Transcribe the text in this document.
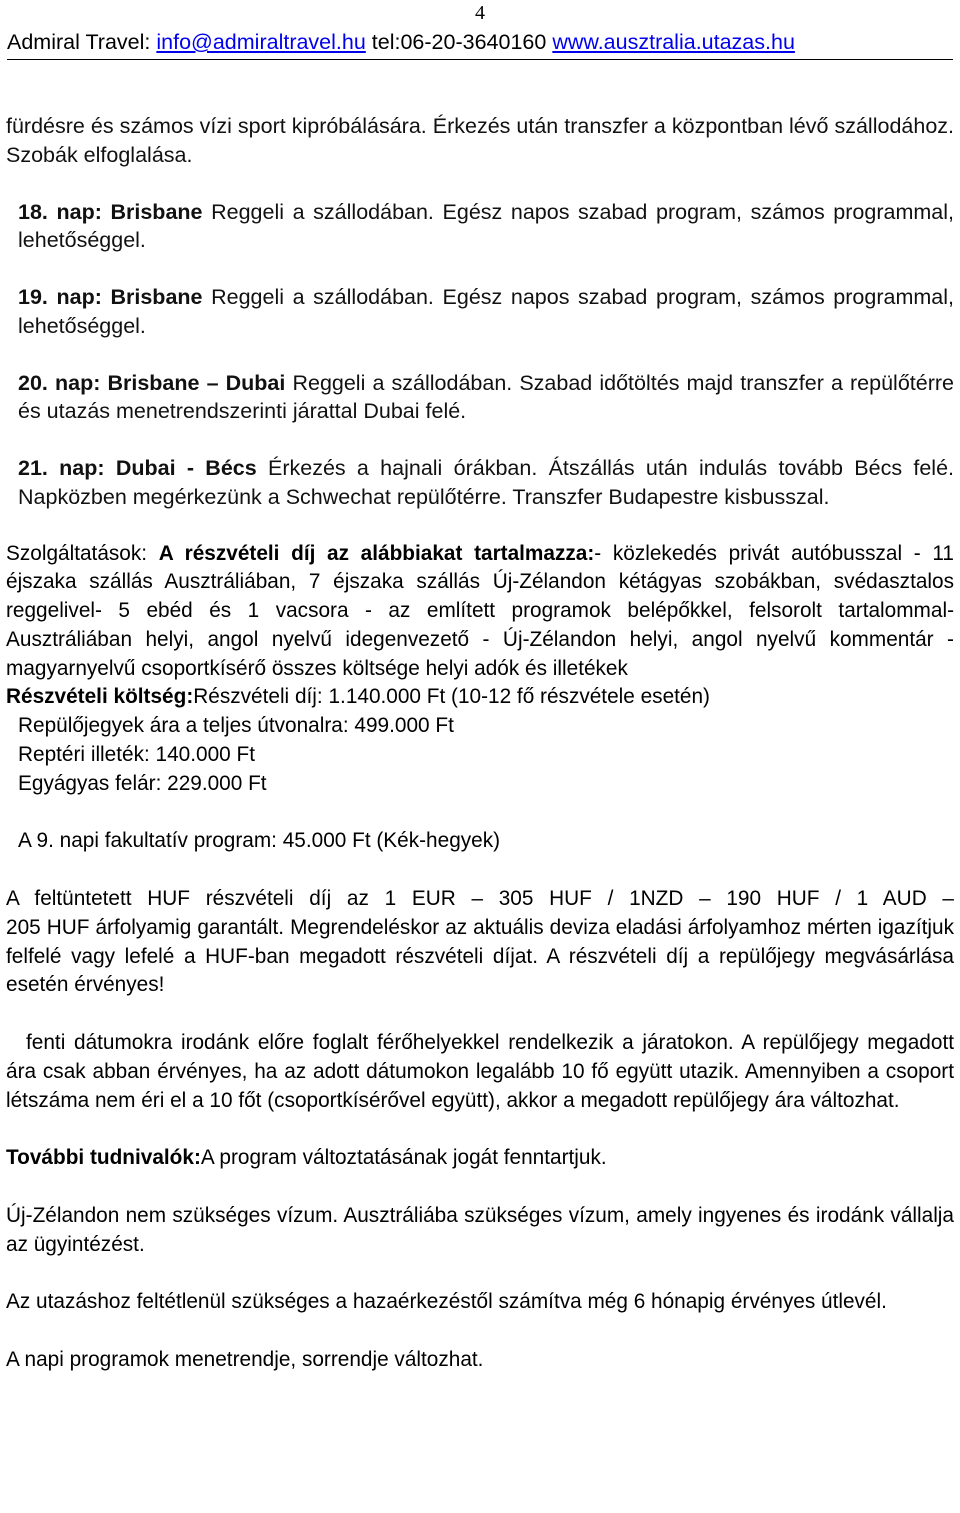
4
Admiral Travel: info@admiraltravel.hu tel:06-20-3640160 www.ausztralia.utazas.hu

fürdésre és számos vízi sport kipróbálására. Érkezés után transzfer a központban lévő szállodához. Szobák elfoglalása.

18. nap: Brisbane Reggeli a szállodában. Egész napos szabad program, számos programmal, lehetőséggel.

19. nap: Brisbane Reggeli a szállodában. Egész napos szabad program, számos programmal, lehetőséggel.

20. nap: Brisbane – Dubai Reggeli a szállodában. Szabad időtöltés majd transzfer a repülőtérre és utazás menetrendszerinti járattal Dubai felé.

21. nap: Dubai - Bécs Érkezés a hajnali órákban. Átszállás után indulás tovább Bécs felé. Napközben megérkezünk a Schwechat repülőtérre. Transzfer Budapestre kisbusszal.

Szolgáltatások: A részvételi díj az alábbiakat tartalmazza:- közlekedés privát autóbusszal - 11 éjszaka szállás Ausztráliában, 7 éjszaka szállás Új-Zélandon kétágyas szobákban, svédasztalos reggelivel- 5 ebéd és 1 vacsora - az említett programok belépőkkel, felsorolt tartalommal- Ausztráliában helyi, angol nyelvű idegenvezető - Új-Zélandon helyi, angol nyelvű kommentár - magyarnyelvű csoportkísérő összes költsége helyi adók és illetékek

Részvételi költség:Részvételi díj: 1.140.000 Ft (10-12 fő részvétele esetén)

Repülőjegyek ára a teljes útvonalra: 499.000 Ft

Reptéri illeték: 140.000 Ft

Egyágyas felár: 229.000 Ft

A 9. napi fakultatív program: 45.000 Ft (Kék-hegyek)

A feltüntetett HUF részvételi díj az 1 EUR – 305 HUF / 1NZD – 190 HUF / 1 AUD –

205 HUF árfolyamig garantált. Megrendeléskor az aktuális deviza eladási árfolyamhoz mérten igazítjuk felfelé vagy lefelé a HUF-ban megadott részvételi díjat. A részvételi díj a repülőjegy megvásárlása esetén érvényes!

fenti dátumokra irodánk előre foglalt férőhelyekkel rendelkezik a járatokon. A repülőjegy megadott ára csak abban érvényes, ha az adott dátumokon legalább 10 fő együtt utazik. Amennyiben a csoport létszáma nem éri el a 10 főt (csoportkísérővel együtt), akkor a megadott repülőjegy ára változhat.

További tudnivalók:A program változtatásának jogát fenntartjuk.

Új-Zélandon nem szükséges vízum. Ausztráliába szükséges vízum, amely ingyenes és irodánk vállalja az ügyintézést.

Az utazáshoz feltétlenül szükséges a hazaérkezéstől számítva még 6 hónapig érvényes útlevél.

A napi programok menetrendje, sorrendje változhat.
